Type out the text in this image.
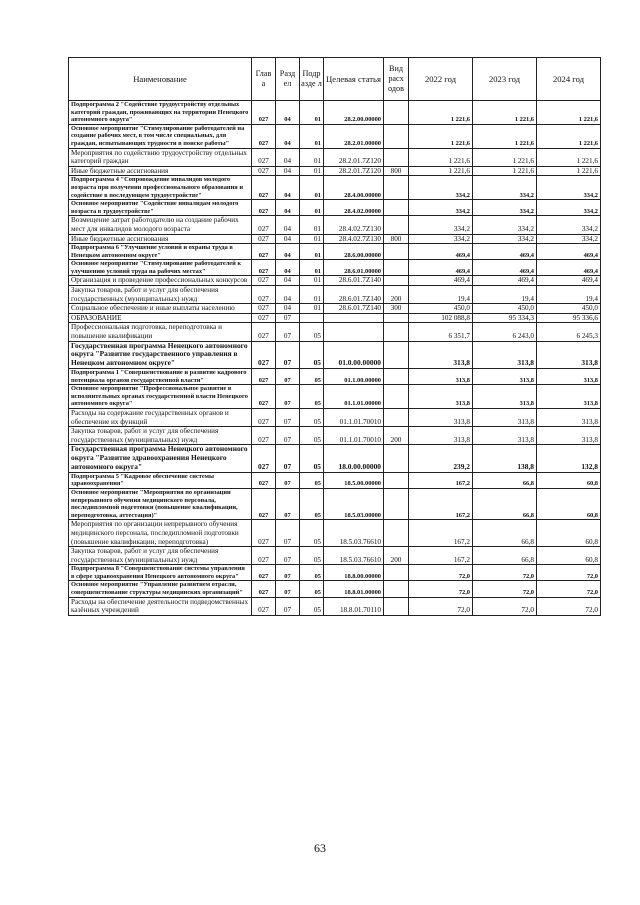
Наименование	Глав а	Разд ел	Подр азде л	Целевая статья	Вид расх одов	2022 год	2023 год	2024 год
Подпрограмма 2 "Содействие трудоустройству отдельных категорий граждан, проживающих на территории Ненецкого автономного округа"	027	04	01	28.2.00.00000		1 221,6	1 221,6	1 221,6
Основное мероприятие "Стимулирование работодателей на создание рабочих мест, в том числе специальных, для граждан, испытывающих трудности в поиске работы"	027	04	01	28.2.01.00000		1 221,6	1 221,6	1 221,6
Мероприятия по содействию трудоустройству отдельных категорий граждан	027	04	01	28.2.01.7Z120		1 221,6	1 221,6	1 221,6
Иные бюджетные ассигнования	027	04	01	28.2.01.7Z120	800	1 221,6	1 221,6	1 221,6
Подпрограмма 4 "Сопровождение инвалидов молодого возраста при получении профессионального образования и содействие в последующем трудоустройстве"	027	04	01	28.4.00.00000		334,2	334,2	334,2
Основное мероприятие "Содействие инвалидам молодого возраста в трудоустройстве"	027	04	01	28.4.02.00000		334,2	334,2	334,2
Возмещение затрат работодателю на создание рабочих мест для инвалидов молодого возраста	027	04	01	28.4.02.7Z130		334,2	334,2	334,2
Иные бюджетные ассигнования	027	04	01	28.4.02.7Z130	800	334,2	334,2	334,2
Подпрограмма 6 "Улучшение условий и охраны труда в Ненецком автономном округе"	027	04	01	28.6.00.00000		469,4	469,4	469,4
Основное мероприятие "Стимулирование работодателей к улучшению условий труда на рабочих местах"	027	04	01	28.6.01.00000		469,4	469,4	469,4
Организация и проведение профессиональных конкурсов	027	04	01	28.6.01.7Z140		469,4	469,4	469,4
Закупка товаров, работ и услуг для обеспечения государственных (муниципальных) нужд	027	04	01	28.6.01.7Z140	200	19,4	19,4	19,4
Социальное обеспечение и иные выплаты населению	027	04	01	28.6.01.7Z140	300	450,0	450,0	450,0
ОБРАЗОВАНИЕ	027	07				102 088,8	95 334,3	95 336,6
Профессиональная подготовка, переподготовка и повышение квалификации	027	07	05			6 351,7	6 243,0	6 245,3
Государственная программа Ненецкого автономного округа "Развитие государственного управления в Ненецком автономном округе"	027	07	05	01.0.00.00000		313,8	313,8	313,8
Подпрограмма 1 "Совершенствование и развитие кадрового потенциала органов государственной власти"	027	07	05	01.1.00.00000		313,8	313,8	313,8
Основное мероприятие "Профессиональное развитие в исполнительных органах государственной власти Ненецкого автономного округа"	027	07	05	01.1.01.00000		313,8	313,8	313,8
Расходы на содержание государственных органов и обеспечение их функций	027	07	05	01.1.01.70010		313,8	313,8	313,8
Закупка товаров, работ и услуг для обеспечения государственных (муниципальных) нужд	027	07	05	01.1.01.70010	200	313,8	313,8	313,8
Государственная программа Ненецкого автономного округа "Развитие здравоохранения Ненецкого автономного округа"	027	07	05	18.0.00.00000		239,2	138,8	132,8
Подпрограмма 5 "Кадровое обеспечение системы здравоохранения"	027	07	05	18.5.00.00000		167,2	66,8	60,8
Основное мероприятие "Мероприятия по организации непрерывного обучения медицинского персонала, последипломной подготовки (повышение квалификации, переподготовка, аттестация)"	027	07	05	18.5.03.00000		167,2	66,8	60,8
Мероприятия по организации непрерывного обучения медицинского персонала, последипломной подготовки (повышение квалификации, переподготовка)	027	07	05	18.5.03.76610		167,2	66,8	60,8
Закупка товаров, работ и услуг для обеспечения государственных (муниципальных) нужд	027	07	05	18.5.03.76610	200	167,2	66,8	60,8
Подпрограмма 8 "Совершенствование системы управления в сфере здравоохранения Ненецкого автономного округа"	027	07	05	18.8.00.00000		72,0	72,0	72,0
Основное мероприятие "Управление развитием отрасли, совершенствование структуры медицинских организаций"	027	07	05	18.8.01.00000		72,0	72,0	72,0
Расходы на обеспечение деятельности подведомственных казённых учреждений	027	07	05	18.8.01.70110		72,0	72,0	72,0
63
